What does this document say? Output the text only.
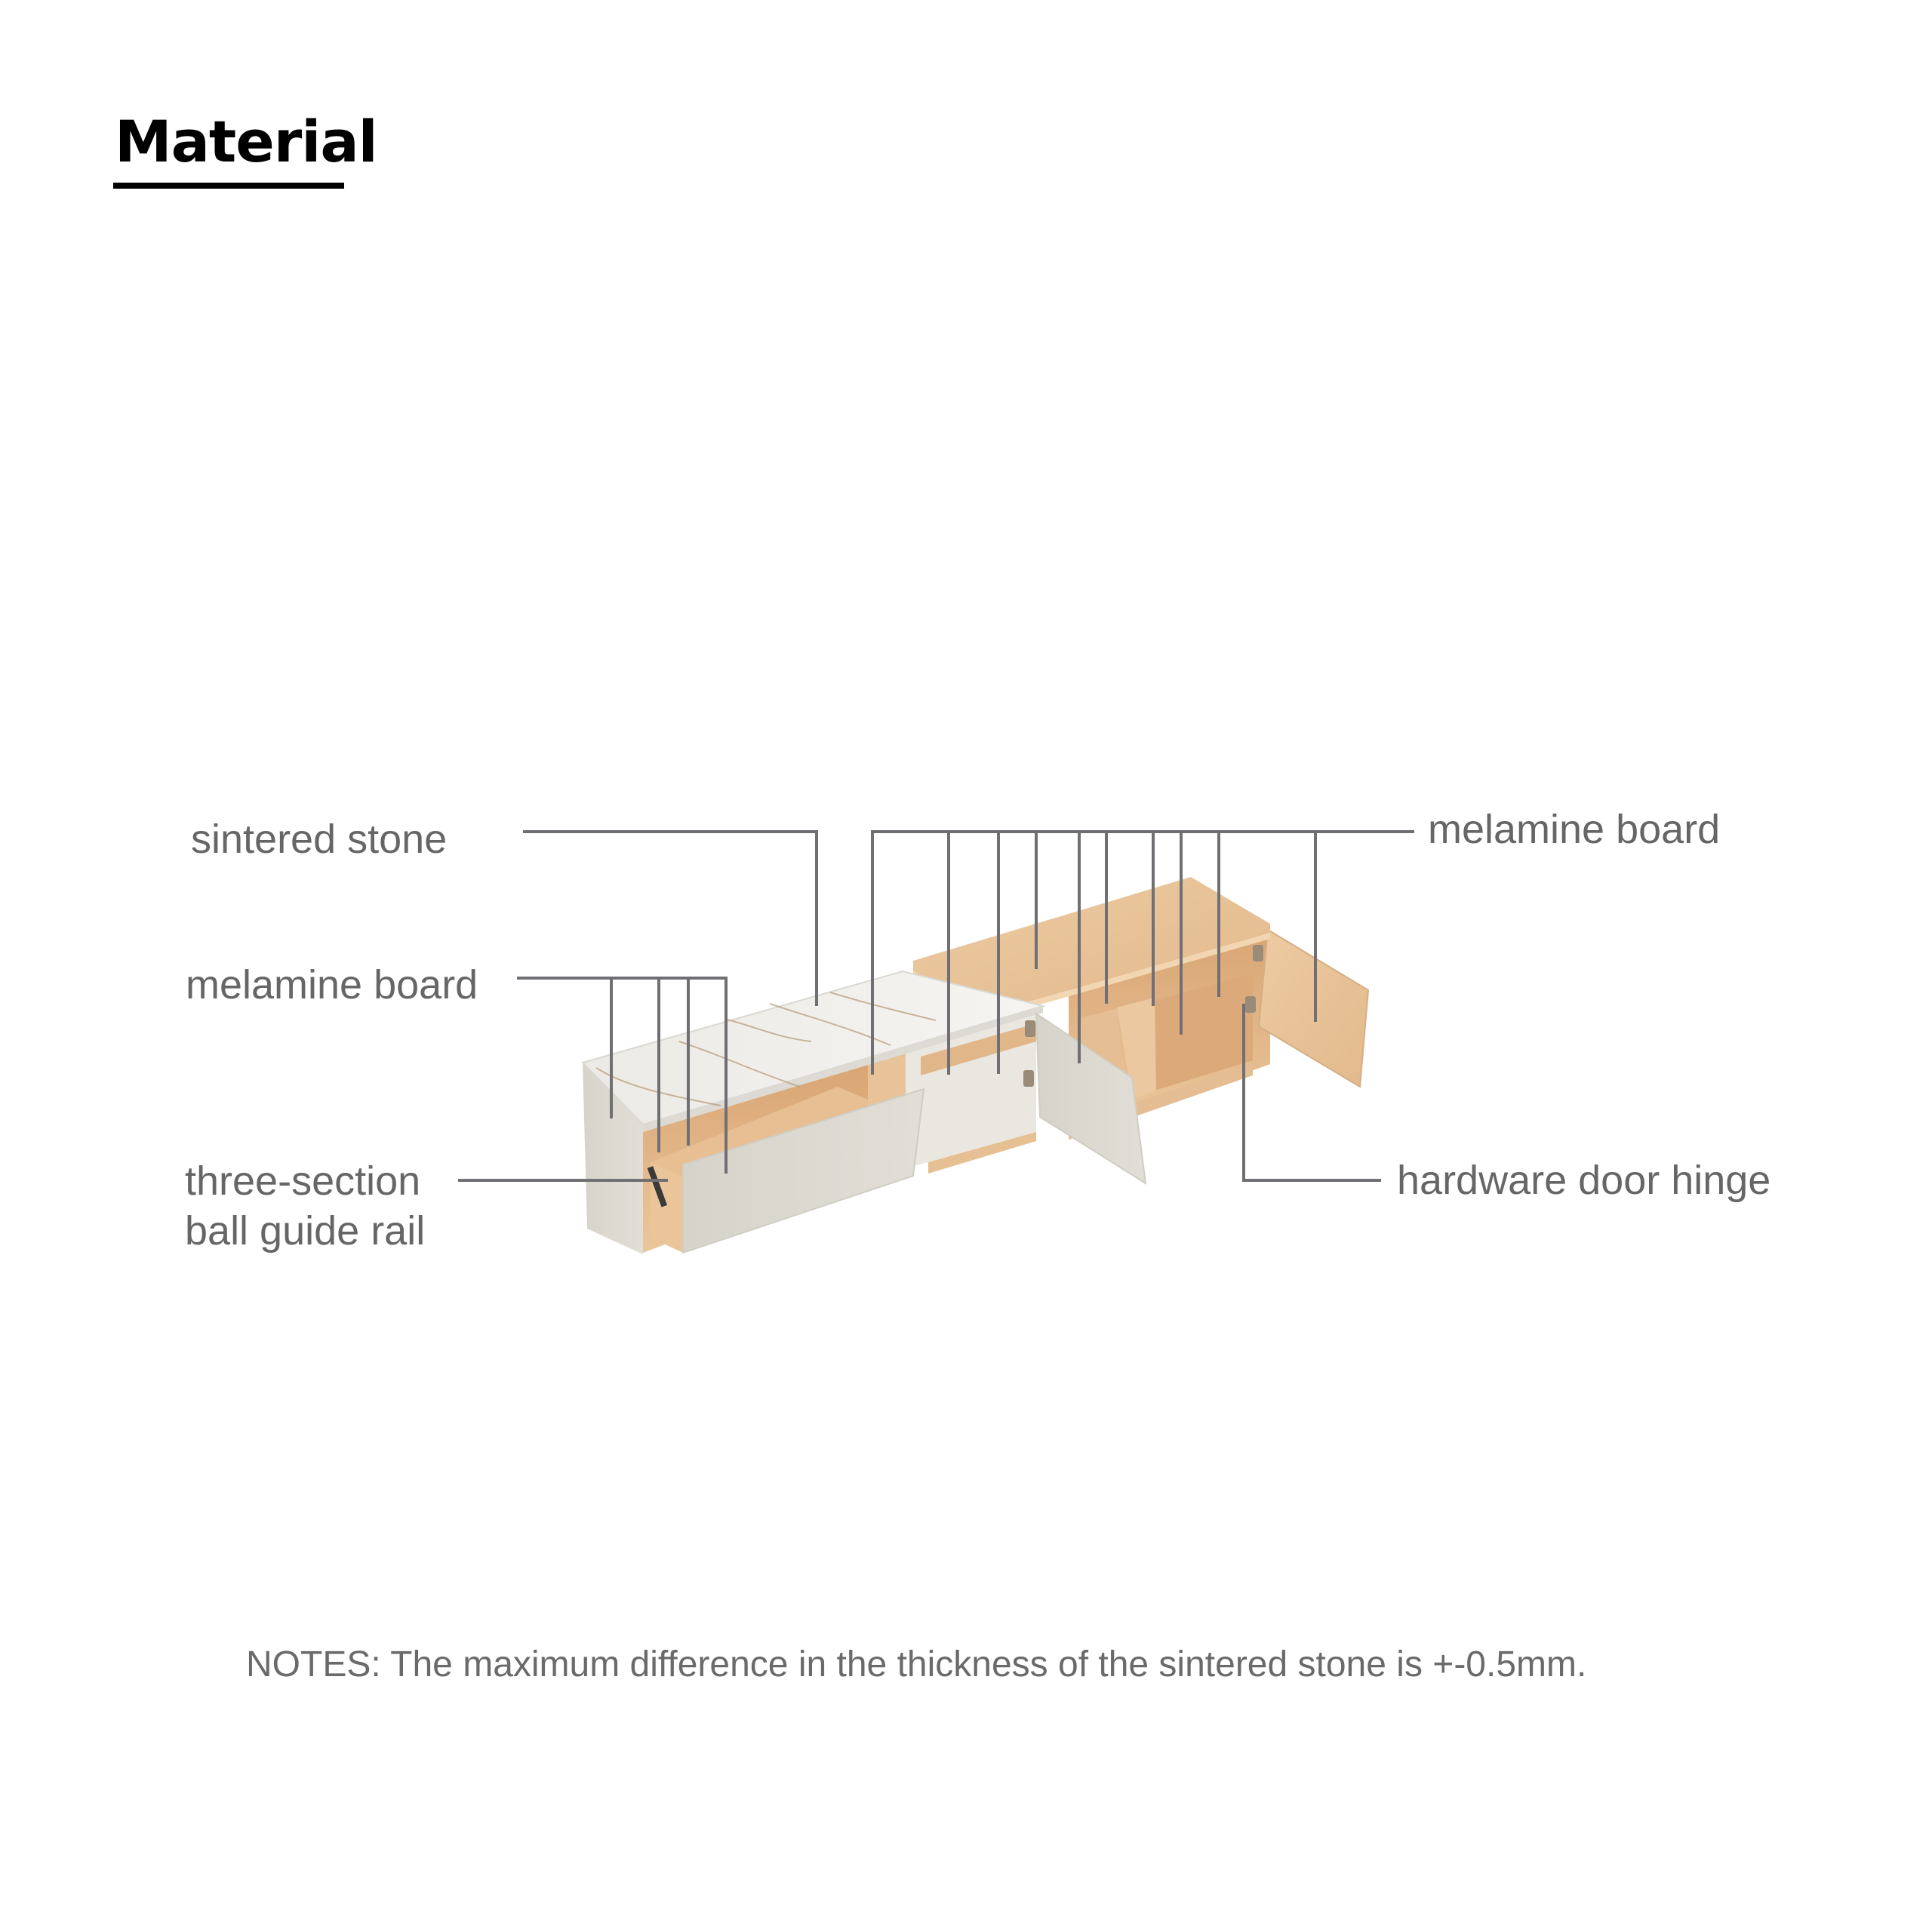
Material
sintered stone
melamine board
three-section
ball guide rail
melamine board
hardware door hinge
NOTES: The maximum difference in the thickness of the sintered stone is +-0.5mm.
